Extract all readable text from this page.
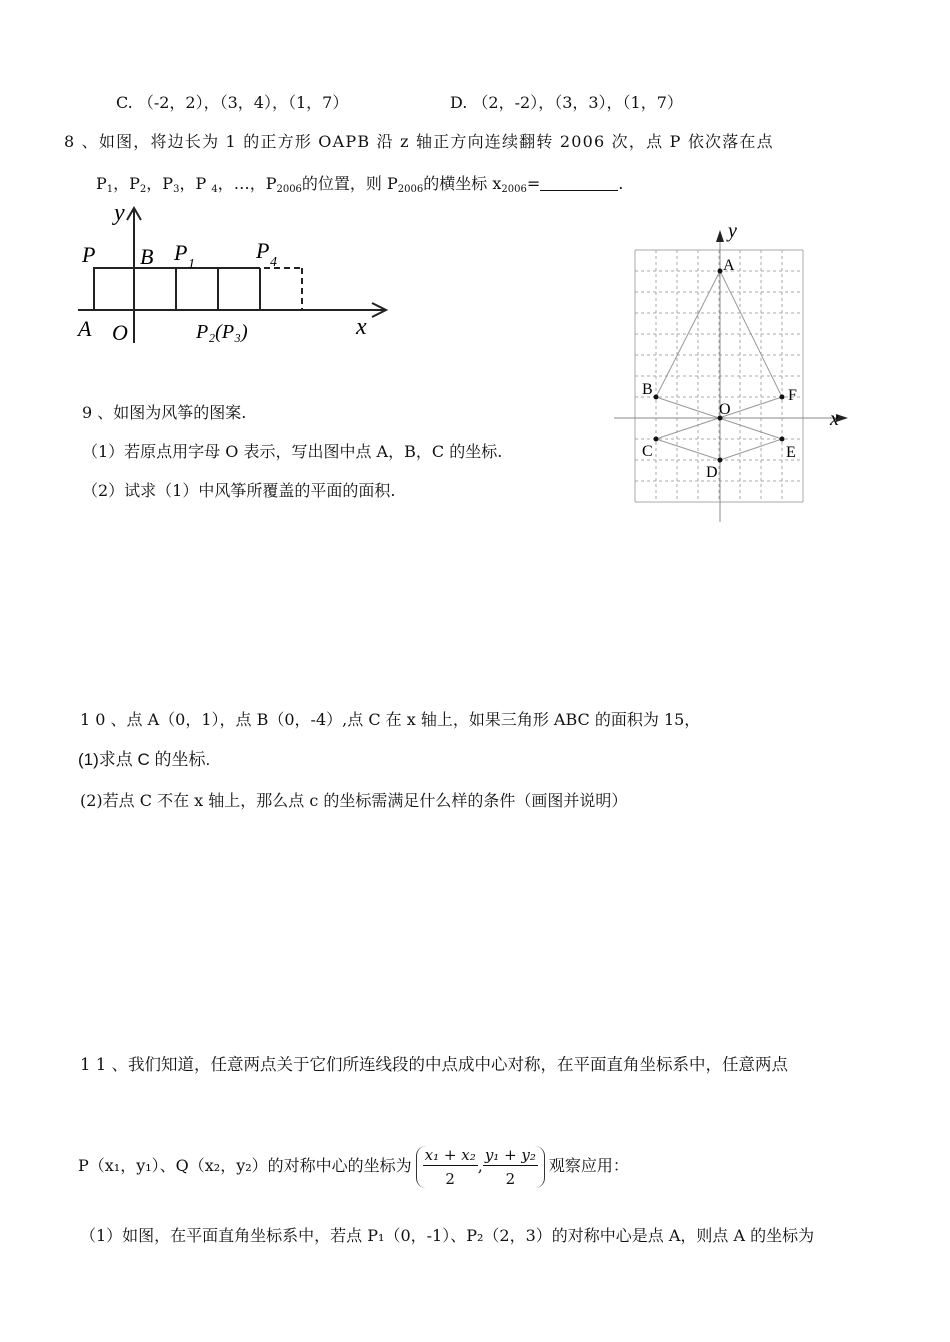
C. （-2，2），（3，4），（1，7）	D. （2，-2），（3，3），（1，7）
8 、如图，将边长为 1 的正方形 OAPB 沿 z 轴正方向连续翻转 2006 次，点 P 依次落在点
$P_1$，$P_2$，$P_3$，P $_4$，…，$P_{2006}$的位置，则 $P_{2006}$的横坐标 $x_{2006}=$	.
y
x
P B P 1
P 4
A O	P₂(P₃)
9 、如图为风筝的图案.
（1）若原点用字母 O 表示，写出图中点 A，B，C 的坐标.
（2）试求（1）中风筝所覆盖的平面的面积.
y
x
A
B	F
O
C	E
D
1 0 、点 A（0，1），点 B（0，-4）,点 C 在 x 轴上，如果三角形 ABC 的面积为 15，
(1)求点 C 的坐标.
(2)若点 C 不在 x 轴上，那么点 c 的坐标需满足什么样的条件（画图并说明）
1 1 、我们知道，任意两点关于它们所连线段的中点成中心对称，在平面直角坐标系中，任意两点
P（x₁，y₁）、Q（x₂，y₂）的对称中心的坐标为 $\frac{\text{x₁ + x₂}}{2}$ , $\frac{\text{y₁ + y₂}}{2}$ 观察应用：
（1）如图，在平面直角坐标系中，若点 P₁（0，-1）、P₂（2，3）的对称中心是点 A，则点 A 的坐标为
